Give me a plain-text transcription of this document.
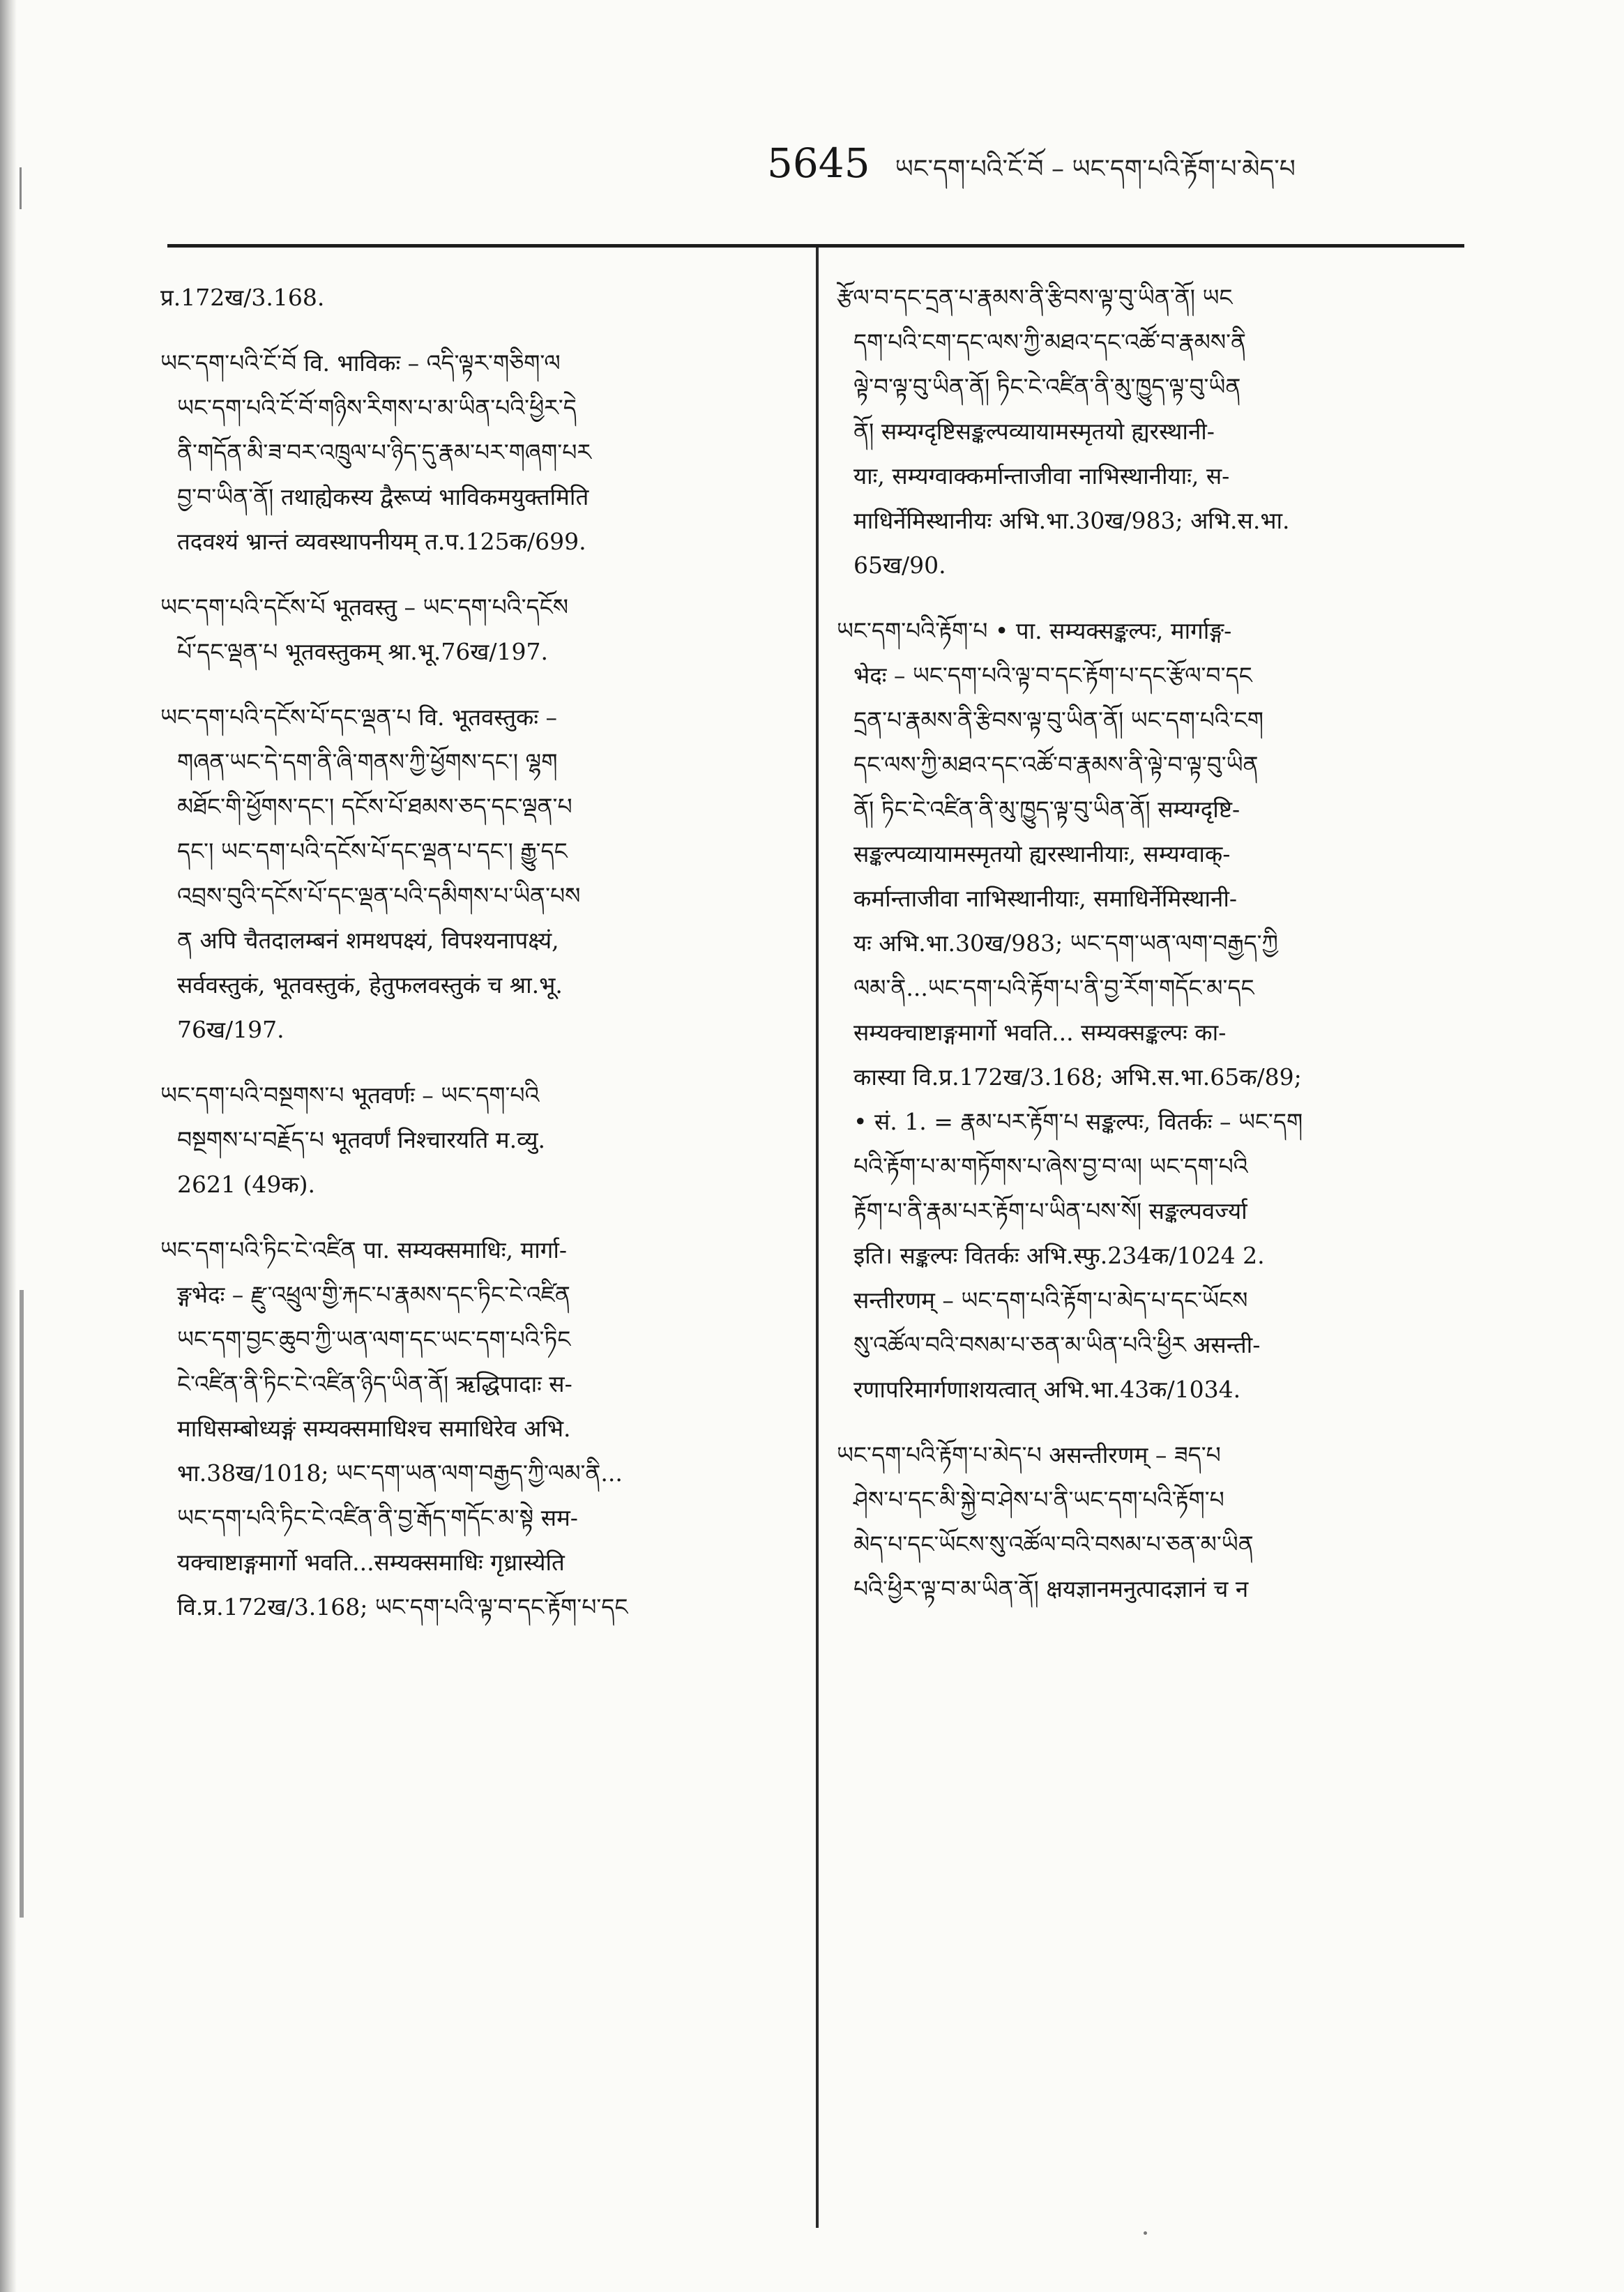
5645 ཡང་དག་པའི་ངོ་བོ – ཡང་དག་པའི་རྟོག་པ་མེད་པ
प्र.172ख/3.168.
ཡང་དག་པའི་ངོ་བོ वि. भाविकः – འདི་ལྟར་གཅིག་ལ
ཡང་དག་པའི་ངོ་བོ་གཉིས་རིགས་པ་མ་ཡིན་པའི་ཕྱིར་དེ
ནི་གདོན་མི་ཟ་བར་འཁྲུལ་པ་ཉིད་དུ་རྣམ་པར་གཞག་པར
བྱ་བ་ཡིན་ནོ། तथाह्येकस्य द्वैरूप्यं भाविकमयुक्तमिति
तदवश्यं भ्रान्तं व्यवस्थापनीयम् त.प.125क/699.
ཡང་དག་པའི་དངོས་པོ भूतवस्तु – ཡང་དག་པའི་དངོས
པོ་དང་ལྡན་པ भूतवस्तुकम् श्रा.भू.76ख/197.
ཡང་དག་པའི་དངོས་པོ་དང་ལྡན་པ वि. भूतवस्तुकः –
གཞན་ཡང་དེ་དག་ནི་ཞི་གནས་ཀྱི་ཕྱོགས་དང་། ལྷག
མཐོང་གི་ཕྱོགས་དང་། དངོས་པོ་ཐམས་ཅད་དང་ལྡན་པ
དང་། ཡང་དག་པའི་དངོས་པོ་དང་ལྡན་པ་དང་། རྒྱུ་དང
འབྲས་བུའི་དངོས་པོ་དང་ལྡན་པའི་དམིགས་པ་ཡིན་པས
ན अपि चैतदालम्बनं शमथपक्ष्यं, विपश्यनापक्ष्यं,
सर्ववस्तुकं, भूतवस्तुकं, हेतुफलवस्तुकं च श्रा.भू.
76ख/197.
ཡང་དག་པའི་བསྔགས་པ भूतवर्णः – ཡང་དག་པའི
བསྔགས་པ་བརྗོད་པ भूतवर्णं निश्चारयति म.व्यु.
2621 (49क).
ཡང་དག་པའི་ཏིང་ངེ་འཛིན पा. सम्यक्समाधिः, मार्गा-
ङ्गभेदः – རྫུ་འཕྲུལ་གྱི་རྐང་པ་རྣམས་དང་ཏིང་ངེ་འཛིན
ཡང་དག་བྱང་ཆུབ་ཀྱི་ཡན་ལག་དང་ཡང་དག་པའི་ཏིང
ངེ་འཛིན་ནི་ཏིང་ངེ་འཛིན་ཉིད་ཡིན་ནོ། ऋद्धिपादाः स-
माधिसम्बोध्यङ्गं सम्यक्समाधिश्च समाधिरेव अभि.
भा.38ख/1018; ཡང་དག་ཡན་ལག་བརྒྱད་ཀྱི་ལམ་ནི...
ཡང་དག་པའི་ཏིང་ངེ་འཛིན་ནི་བྱ་རྒོད་གདོང་མ་སྟེ सम-
यक्चाष्टाङ्गमार्गो भवति...सम्यक्समाधिः गृध्रास्येति
वि.प्र.172ख/3.168; ཡང་དག་པའི་ལྟ་བ་དང་རྟོག་པ་དང
རྩོལ་བ་དང་དྲན་པ་རྣམས་ནི་རྩིབས་ལྟ་བུ་ཡིན་ནོ། ཡང
དག་པའི་ངག་དང་ལས་ཀྱི་མཐའ་དང་འཚོ་བ་རྣམས་ནི
ལྟེ་བ་ལྟ་བུ་ཡིན་ནོ། ཏིང་ངེ་འཛིན་ནི་མུ་ཁྱུད་ལྟ་བུ་ཡིན
ནོ། सम्यग्दृष्टिसङ्कल्पव्यायामस्मृतयो ह्यरस्थानी-
याः, सम्यग्वाक्कर्मान्ताजीवा नाभिस्थानीयाः, स-
माधिर्नेमिस्थानीयः अभि.भा.30ख/983; अभि.स.भा.
65ख/90.
ཡང་དག་པའི་རྟོག་པ • पा. सम्यक्सङ्कल्पः, मार्गाङ्ग-
भेदः – ཡང་དག་པའི་ལྟ་བ་དང་རྟོག་པ་དང་རྩོལ་བ་དང
དྲན་པ་རྣམས་ནི་རྩིབས་ལྟ་བུ་ཡིན་ནོ། ཡང་དག་པའི་ངག
དང་ལས་ཀྱི་མཐའ་དང་འཚོ་བ་རྣམས་ནི་ལྟེ་བ་ལྟ་བུ་ཡིན
ནོ། ཏིང་ངེ་འཛིན་ནི་མུ་ཁྱུད་ལྟ་བུ་ཡིན་ནོ། सम्यग्दृष्टि-
सङ्कल्पव्यायामस्मृतयो ह्यरस्थानीयाः, सम्यग्वाक्-
कर्मान्ताजीवा नाभिस्थानीयाः, समाधिर्नेमिस्थानी-
यः अभि.भा.30ख/983; ཡང་དག་ཡན་ལག་བརྒྱད་ཀྱི
ལམ་ནི...ཡང་དག་པའི་རྟོག་པ་ནི་བྱ་རོག་གདོང་མ་དང
सम्यक्चाष्टाङ्गमार्गो भवति... सम्यक्सङ्कल्पः का-
कास्या वि.प्र.172ख/3.168; अभि.स.भा.65क/89;
• सं. 1. = རྣམ་པར་རྟོག་པ सङ्कल्पः, वितर्कः – ཡང་དག
པའི་རྟོག་པ་མ་གཏོགས་པ་ཞེས་བྱ་བ་ལ། ཡང་དག་པའི
རྟོག་པ་ནི་རྣམ་པར་རྟོག་པ་ཡིན་པས་སོ། सङ्कल्पवर्ज्या
इति। सङ्कल्पः वितर्कः अभि.स्फु.234क/1024 2.
सन्तीरणम् – ཡང་དག་པའི་རྟོག་པ་མེད་པ་དང་ཡོངས
སུ་འཚོལ་བའི་བསམ་པ་ཅན་མ་ཡིན་པའི་ཕྱིར असन्ती-
रणापरिमार्गणाशयत्वात् अभि.भा.43क/1034.
ཡང་དག་པའི་རྟོག་པ་མེད་པ असन्तीरणम् – ཟད་པ
ཤེས་པ་དང་མི་སྐྱེ་བ་ཤེས་པ་ནི་ཡང་དག་པའི་རྟོག་པ
མེད་པ་དང་ཡོངས་སུ་འཚོལ་བའི་བསམ་པ་ཅན་མ་ཡིན
པའི་ཕྱིར་ལྟ་བ་མ་ཡིན་ནོ། क्षयज्ञानमनुत्पादज्ञानं च न
